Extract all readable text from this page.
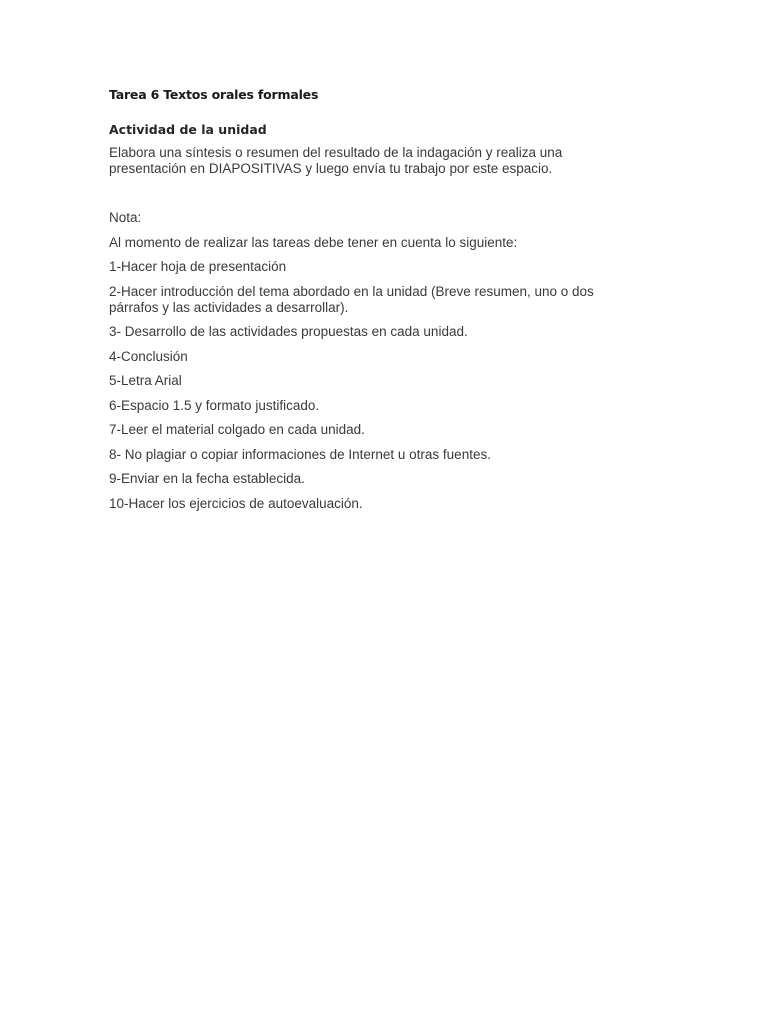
Tarea 6 Textos orales formales
Actividad de la unidad
Elabora una síntesis o resumen del resultado de la indagación y realiza una
presentación en DIAPOSITIVAS y luego envía tu trabajo por este espacio.
Nota:
Al momento de realizar las tareas debe tener en cuenta lo siguiente:
1-Hacer hoja de presentación
2-Hacer introducción del tema abordado en la unidad (Breve resumen, uno o dos
párrafos y las actividades a desarrollar).
3- Desarrollo de las actividades propuestas en cada unidad.
4-Conclusión
5-Letra Arial
6-Espacio 1.5 y formato justificado.
7-Leer el material colgado en cada unidad.
8- No plagiar o copiar informaciones de Internet u otras fuentes.
9-Enviar en la fecha establecida.
10-Hacer los ejercicios de autoevaluación.
